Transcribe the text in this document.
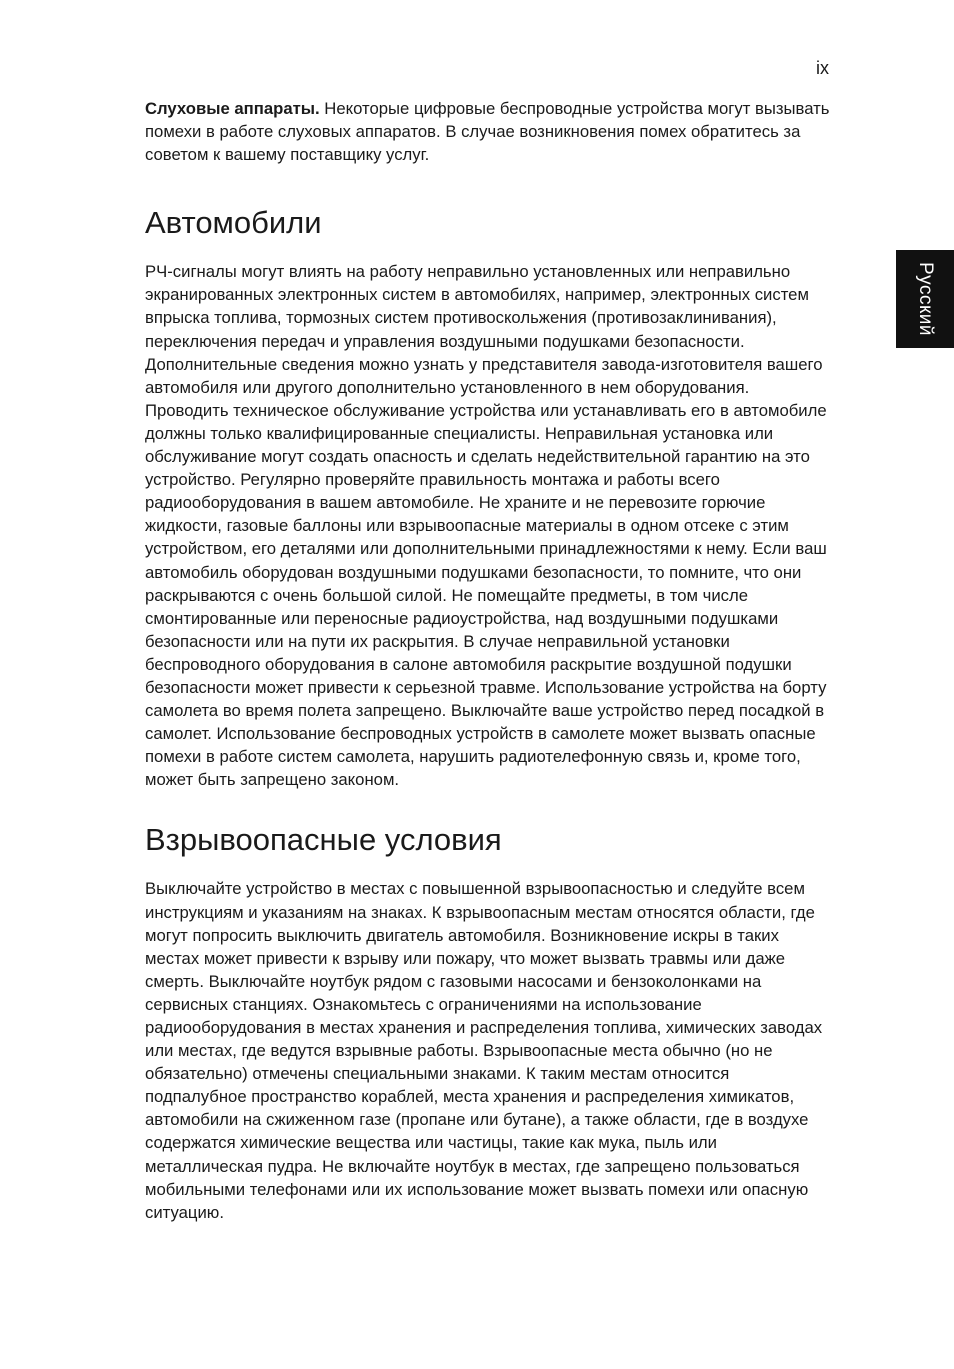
ix
Русский

Слуховые аппараты. Некоторые цифровые беспроводные устройства могут вызывать помехи в работе слуховых аппаратов. В случае возникновения помех обратитесь за советом к вашему поставщику услуг.

Автомобили

РЧ-сигналы могут влиять на работу неправильно установленных или неправильно экранированных электронных систем в автомобилях, например, электронных систем впрыска топлива, тормозных систем противоскольжения (противозаклинивания), переключения передач и управления воздушными подушками безопасности. Дополнительные сведения можно узнать у представителя завода-изготовителя вашего автомобиля или другого дополнительно установленного в нем оборудования. Проводить техническое обслуживание устройства или устанавливать его в автомобиле должны только квалифицированные специалисты. Неправильная установка или обслуживание могут создать опасность и сделать недействительной гарантию на это устройство. Регулярно проверяйте правильность монтажа и работы всего радиооборудования в вашем автомобиле. Не храните и не перевозите горючие жидкости, газовые баллоны или взрывоопасные материалы в одном отсеке с этим устройством, его деталями или дополнительными принадлежностями к нему. Если ваш автомобиль оборудован воздушными подушками безопасности, то помните, что они раскрываются с очень большой силой. Не помещайте предметы, в том числе смонтированные или переносные радиоустройства, над воздушными подушками безопасности или на пути их раскрытия. В случае неправильной установки беспроводного оборудования в салоне автомобиля раскрытие воздушной подушки безопасности может привести к серьезной травме. Использование устройства на борту самолета во время полета запрещено. Выключайте ваше устройство перед посадкой в самолет. Использование беспроводных устройств в самолете может вызвать опасные помехи в работе систем самолета, нарушить радиотелефонную связь и, кроме того, может быть запрещено законом.

Взрывоопасные условия

Выключайте устройство в местах с повышенной взрывоопасностью и следуйте всем инструкциям и указаниям на знаках. К взрывоопасным местам относятся области, где могут попросить выключить двигатель автомобиля. Возникновение искры в таких местах может привести к взрыву или пожару, что может вызвать травмы или даже смерть. Выключайте ноутбук рядом с газовыми насосами и бензоколонками на сервисных станциях. Ознакомьтесь с ограничениями на использование радиооборудования в местах хранения и распределения топлива, химических заводах или местах, где ведутся взрывные работы. Взрывоопасные места обычно (но не обязательно) отмечены специальными знаками. К таким местам относится подпалубное пространство кораблей, места хранения и распределения химикатов, автомобили на сжиженном газе (пропане или бутане), а также области, где в воздухе содержатся химические вещества или частицы, такие как мука, пыль или металлическая пудра. Не включайте ноутбук в местах, где запрещено пользоваться мобильными телефонами или их использование может вызвать помехи или опасную ситуацию.
